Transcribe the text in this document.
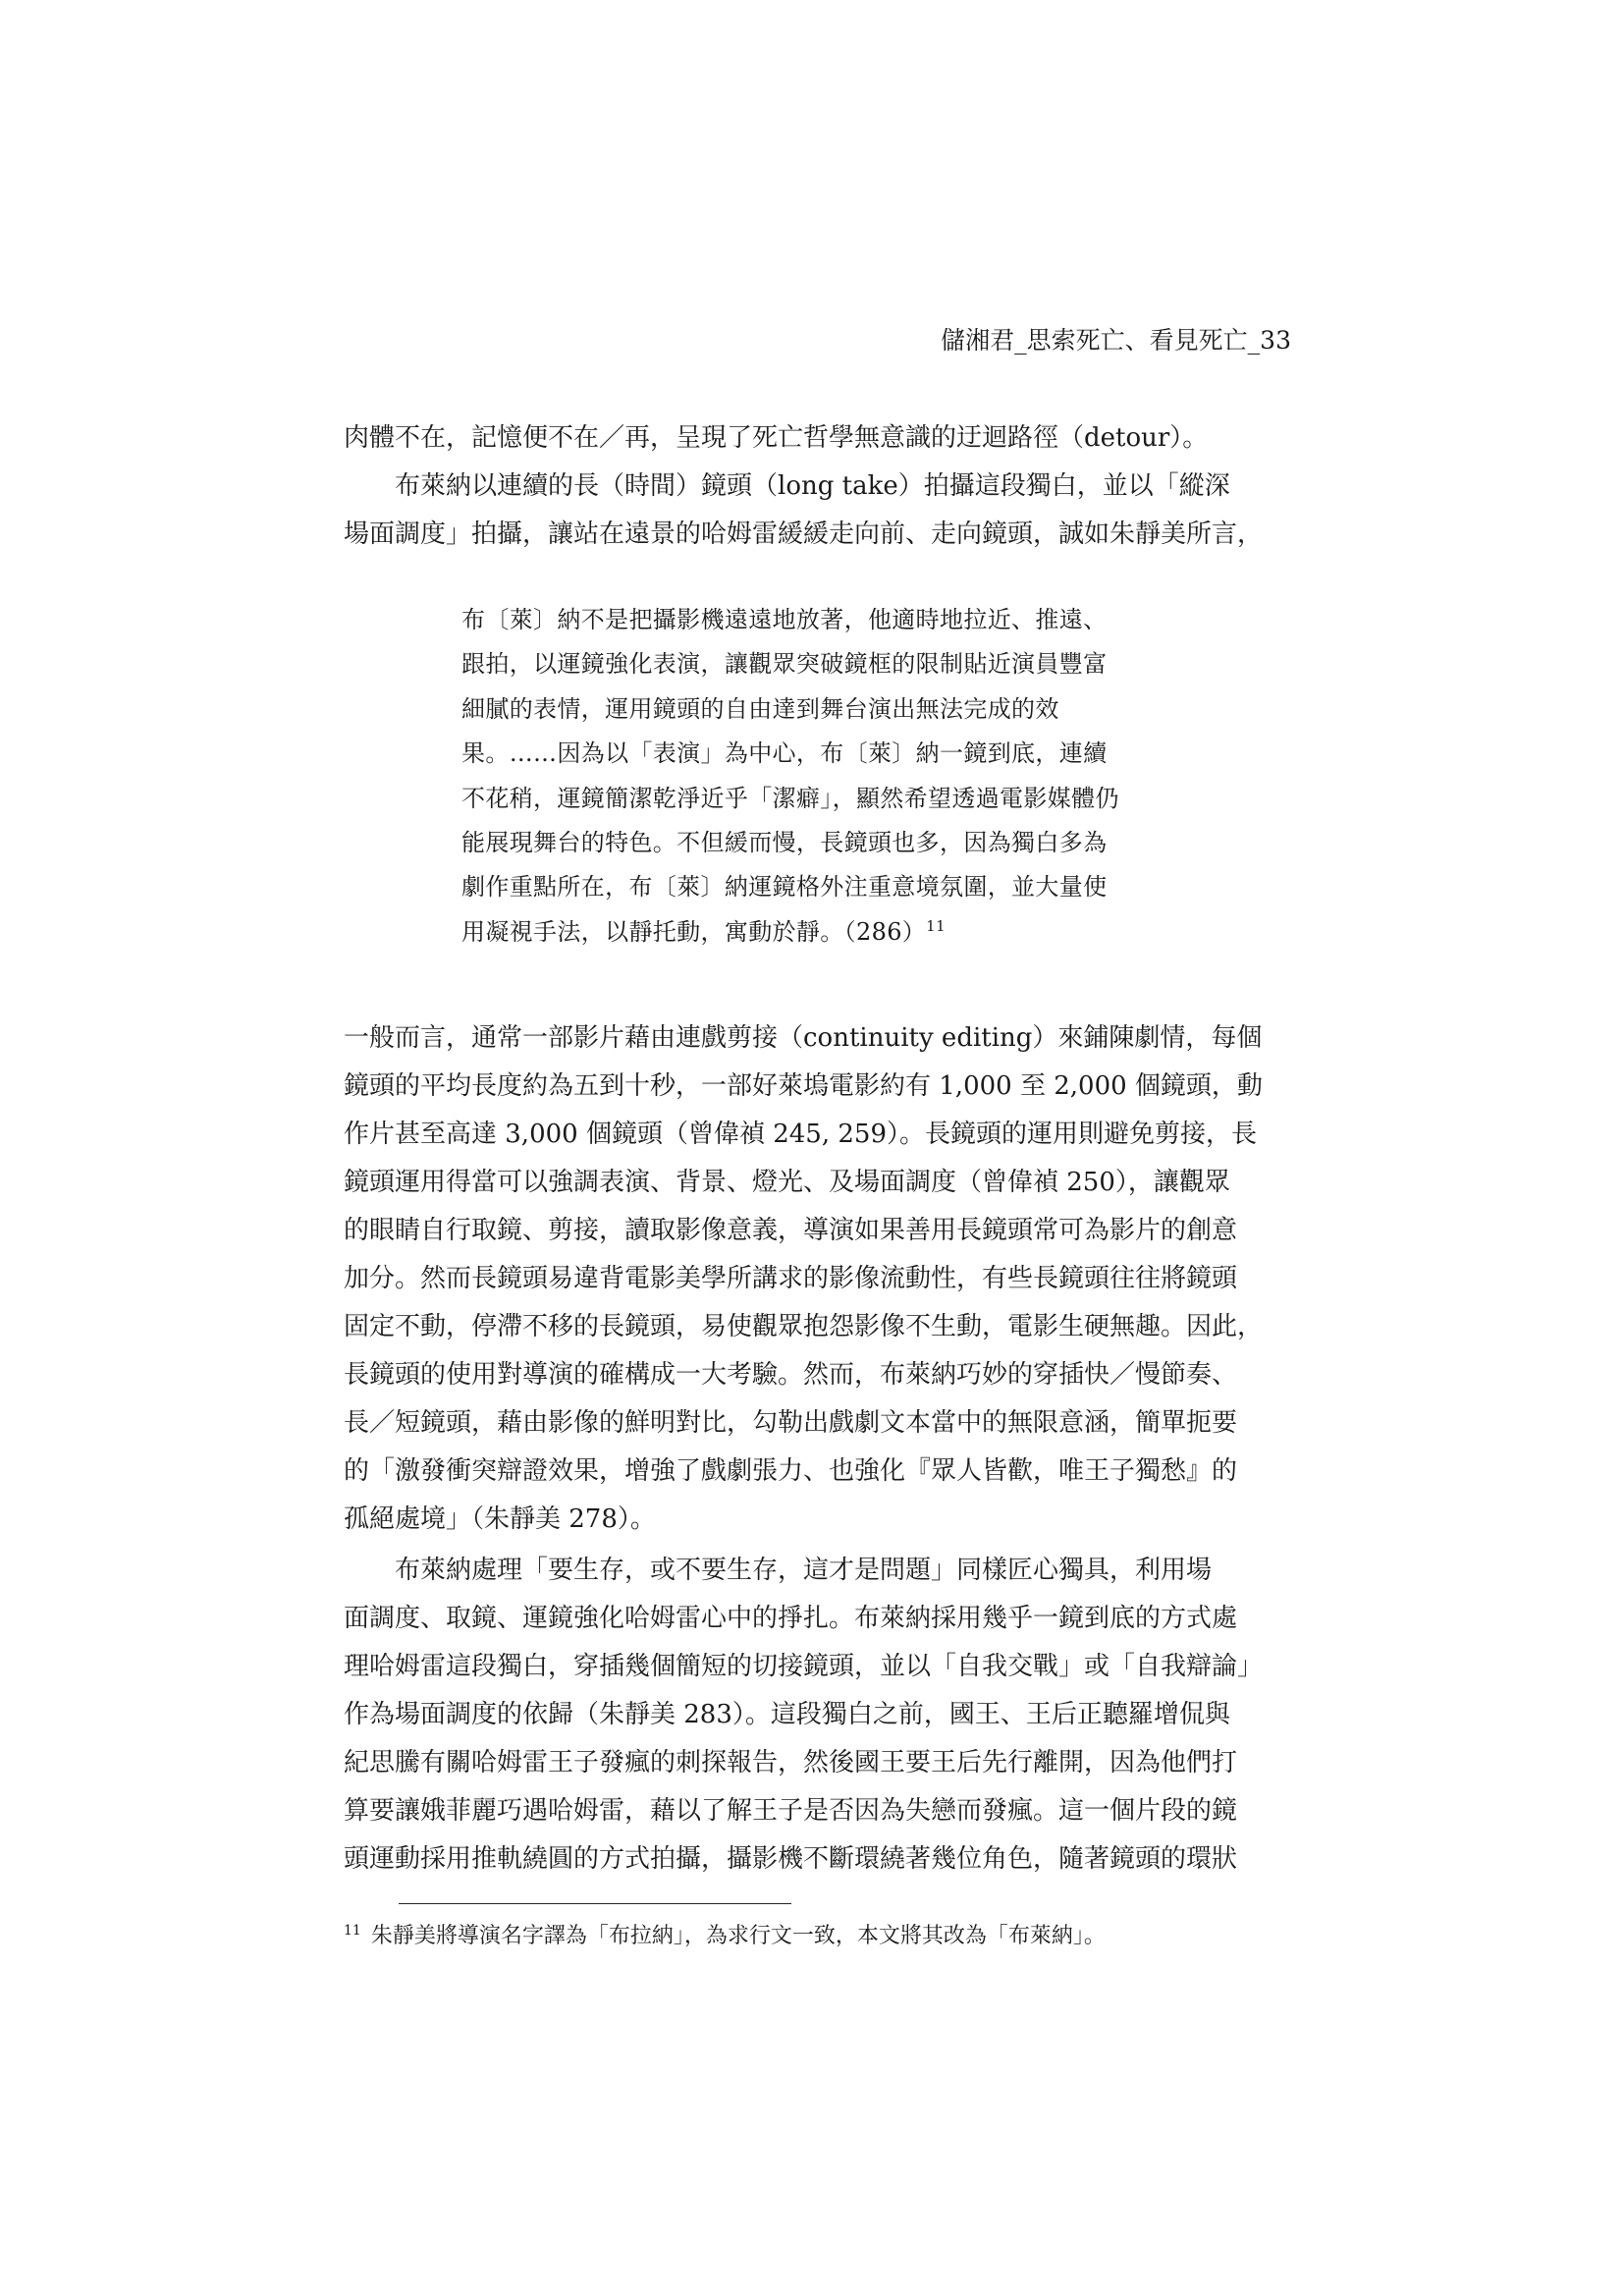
儲湘君_思索死亡、看見死亡_33
肉體不在，記憶便不在／再，呈現了死亡哲學無意識的迂迴路徑（detour）。
布萊納以連續的長（時間）鏡頭（long take）拍攝這段獨白，並以「縱深
場面調度」拍攝，讓站在遠景的哈姆雷緩緩走向前、走向鏡頭，誠如朱靜美所言，
布〔萊〕納不是把攝影機遠遠地放著，他適時地拉近、推遠、
跟拍，以運鏡強化表演，讓觀眾突破鏡框的限制貼近演員豐富
細膩的表情，運用鏡頭的自由達到舞台演出無法完成的效
果。……因為以「表演」為中心，布〔萊〕納一鏡到底，連續
不花稍，運鏡簡潔乾淨近乎「潔癖」，顯然希望透過電影媒體仍
能展現舞台的特色。不但緩而慢，長鏡頭也多，因為獨白多為
劇作重點所在，布〔萊〕納運鏡格外注重意境氛圍，並大量使
用凝視手法，以靜托動，寓動於靜。$(286)^{11}$
一般而言，通常一部影片藉由連戲剪接（continuity editing）來鋪陳劇情，每個
鏡頭的平均長度約為五到十秒，一部好萊塢電影約有 1,000 至 2,000 個鏡頭，動
作片甚至高達 3,000 個鏡頭（曾偉禎 245, 259）。長鏡頭的運用則避免剪接，長
鏡頭運用得當可以強調表演、背景、燈光、及場面調度（曾偉禎 250），讓觀眾
的眼睛自行取鏡、剪接，讀取影像意義，導演如果善用長鏡頭常可為影片的創意
加分。然而長鏡頭易違背電影美學所講求的影像流動性，有些長鏡頭往往將鏡頭
固定不動，停滯不移的長鏡頭，易使觀眾抱怨影像不生動，電影生硬無趣。因此，
長鏡頭的使用對導演的確構成一大考驗。然而，布萊納巧妙的穿插快／慢節奏、
長／短鏡頭，藉由影像的鮮明對比，勾勒出戲劇文本當中的無限意涵，簡單扼要
的「激發衝突辯證效果，增強了戲劇張力、也強化『眾人皆歡，唯王子獨愁』的
孤絕處境」（朱靜美 278）。
布萊納處理「要生存，或不要生存，這才是問題」同樣匠心獨具，利用場
面調度、取鏡、運鏡強化哈姆雷心中的掙扎。布萊納採用幾乎一鏡到底的方式處
理哈姆雷這段獨白，穿插幾個簡短的切接鏡頭，並以「自我交戰」或「自我辯論」
作為場面調度的依歸（朱靜美 283）。這段獨白之前，國王、王后正聽羅增侃與
紀思騰有關哈姆雷王子發瘋的刺探報告，然後國王要王后先行離開，因為他們打
算要讓娥菲麗巧遇哈姆雷，藉以了解王子是否因為失戀而發瘋。這一個片段的鏡
頭運動採用推軌繞圓的方式拍攝，攝影機不斷環繞著幾位角色，隨著鏡頭的環狀
$^{11}$ 朱靜美將導演名字譯為「布拉納」，為求行文一致，本文將其改為「布萊納」。
